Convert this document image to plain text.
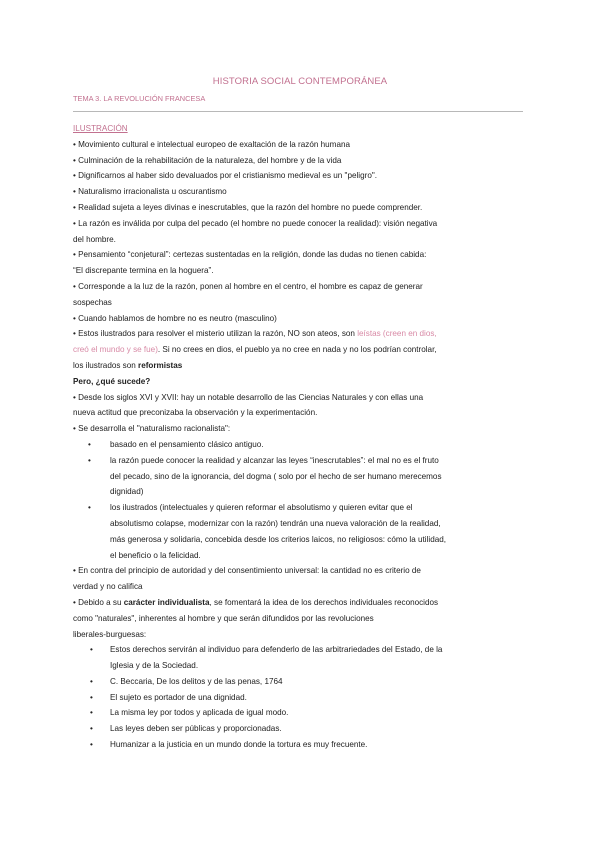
HISTORIA SOCIAL CONTEMPORÁNEA
TEMA 3. LA REVOLUCIÓN FRANCESA

ILUSTRACIÓN

• Movimiento cultural e intelectual europeo de exaltación de la razón humana

• Culminación de la rehabilitación de la naturaleza, del hombre y de la vida

• Dignificarnos al haber sido devaluados por el cristianismo medieval es un "peligro".

• Naturalismo irracionalista u oscurantismo

• Realidad sujeta a leyes divinas e inescrutables, que la razón del hombre no puede comprender.

• La razón es inválida por culpa del pecado (el hombre no puede conocer la realidad): visión negativa

del hombre.

• Pensamiento “conjetural”: certezas sustentadas en la religión, donde las dudas no tienen cabida:

“El discrepante termina en la hoguera”.

• Corresponde a la luz de la razón, ponen al hombre en el centro, el hombre es capaz de generar

sospechas

• Cuando hablamos de hombre no es neutro (masculino)

• Estos ilustrados para resolver el misterio utilizan la razón, NO son ateos, son leístas (creen en dios,

creó el mundo y se fue). Si no crees en dios, el pueblo ya no cree en nada y no los podrían controlar,

los ilustrados son reformistas

Pero, ¿qué sucede?

• Desde los siglos XVI y XVII: hay un notable desarrollo de las Ciencias Naturales y con ellas una

nueva actitud que preconizaba la observación y la experimentación.

• Se desarrolla el "naturalismo racionalista":

• basado en el pensamiento clásico antiguo.

• la razón puede conocer la realidad y alcanzar las leyes “inescrutables”: el mal no es el fruto

del pecado, sino de la ignorancia, del dogma ( solo por el hecho de ser humano merecemos

dignidad)

• los ilustrados (intelectuales y quieren reformar el absolutismo y quieren evitar que el

absolutismo colapse, modernizar con la razón) tendrán una nueva valoración de la realidad,

más generosa y solidaria, concebida desde los criterios laicos, no religiosos: cómo la utilidad,

el beneficio o la felicidad.

• En contra del principio de autoridad y del consentimiento universal: la cantidad no es criterio de

verdad y no califica

• Debido a su carácter individualista, se fomentará la idea de los derechos individuales reconocidos

como "naturales", inherentes al hombre y que serán difundidos por las revoluciones

liberales-burguesas:

• Estos derechos servirán al individuo para defenderlo de las arbitrariedades del Estado, de la

Iglesia y de la Sociedad.

• C. Beccaria, De los delitos y de las penas, 1764

• El sujeto es portador de una dignidad.

• La misma ley por todos y aplicada de igual modo.

• Las leyes deben ser públicas y proporcionadas.

• Humanizar a la justicia en un mundo donde la tortura es muy frecuente.
